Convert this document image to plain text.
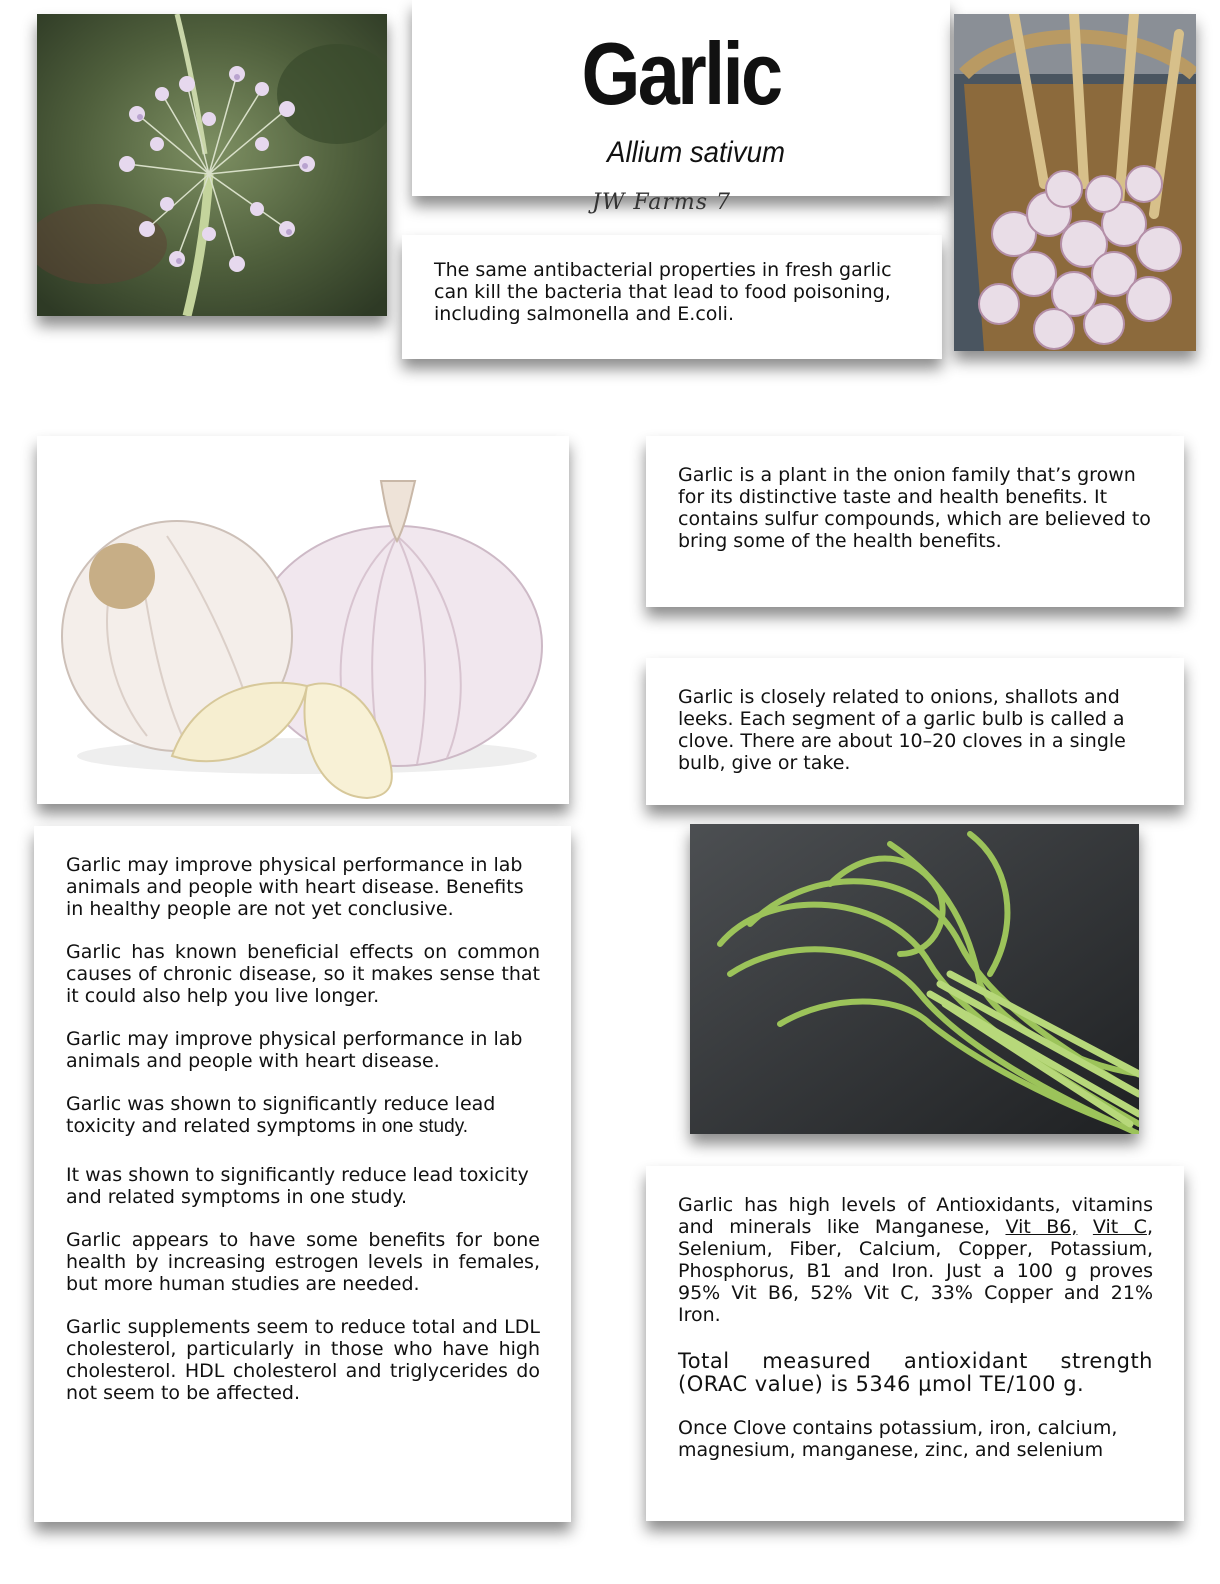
Garlic
Allium sativum
JW Farms 7
The same antibacterial properties in fresh garlic can kill the bacteria that lead to food poisoning, including salmonella and E.coli.
Garlic is a plant in the onion family that’s grown for its distinctive taste and health benefits. It contains sulfur compounds, which are believed to bring some of the health benefits.
Garlic is closely related to onions, shallots and leeks. Each segment of a garlic bulb is called a clove. There are about 10–20 cloves in a single bulb, give or take.

Garlic may improve physical performance in lab animals and people with heart disease. Benefits in healthy people are not yet conclusive.

Garlic has known beneficial effects on common causes of chronic disease, so it makes sense that it could also help you live longer.

Garlic may improve physical performance in lab animals and people with heart disease.

Garlic was shown to significantly reduce lead toxicity and related symptoms in one study.

It was shown to significantly reduce lead toxicity and related symptoms in one study.

Garlic appears to have some benefits for bone health by increasing estrogen levels in females, but more human studies are needed.

Garlic supplements seem to reduce total and LDL cholesterol, particularly in those who have high cholesterol. HDL cholesterol and triglycerides do not seem to be affected.

Garlic has high levels of Antioxidants, vitamins and minerals like Manganese, Vit B6, Vit C, Selenium, Fiber, Calcium, Copper, Potassium, Phosphorus, B1 and Iron. Just a 100 g proves 95% Vit B6, 52% Vit C, 33% Copper and 21% Iron.

Total measured antioxidant strength (ORAC value) is 5346 µmol TE/100 g.

Once Clove contains potassium, iron, calcium, magnesium, manganese, zinc, and selenium
